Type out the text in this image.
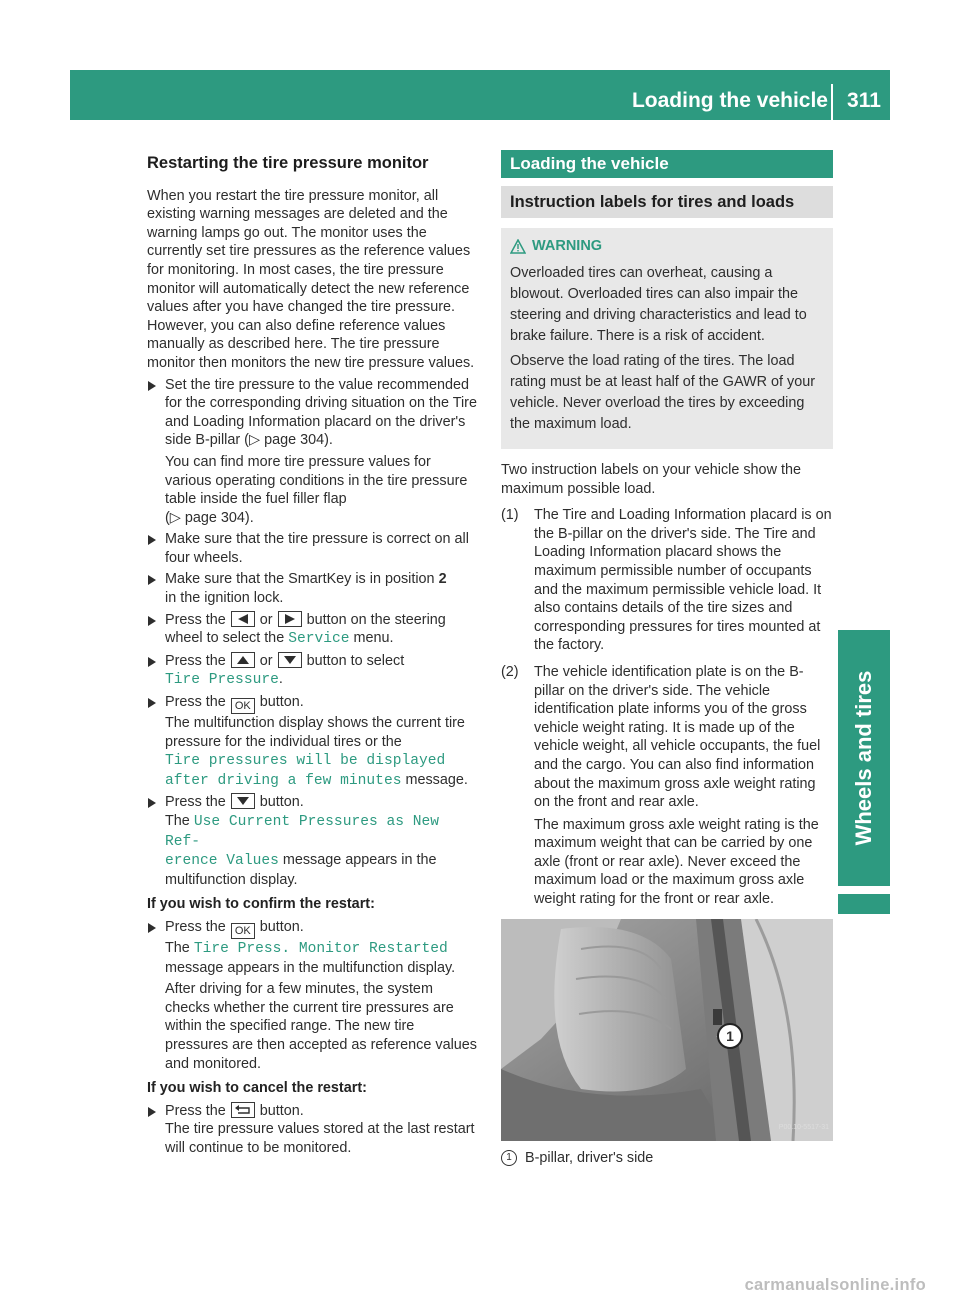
Loading the vehicle 311
Wheels and tires
Restarting the tire pressure monitor

When you restart the tire pressure monitor, all existing warning messages are deleted and the warning lamps go out. The monitor uses the currently set tire pressures as the reference values for monitoring. In most cases, the tire pressure monitor will automatically detect the new reference values after you have changed the tire pressure. However, you can also define reference values manually as described here. The tire pressure monitor then monitors the new tire pressure values.

Set the tire pressure to the value recommended for the corresponding driving situation on the Tire and Loading Information placard on the driver's side B-pillar (▷ page 304).
You can find more tire pressure values for various operating conditions in the tire pressure table inside the fuel filler flap
(▷ page 304).
Make sure that the tire pressure is correct on all four wheels.
Make sure that the SmartKey is in position 2
in the ignition lock.
Press the or button on the steering wheel to select the Service menu.
Press the or button to select
Tire Pressure.
Press the OK button.
The multifunction display shows the current tire pressure for the individual tires or the
Tire pressures will be displayed
after driving a few minutes message.
Press the button.
The Use Current Pressures as New Ref‐
erence Values message appears in the multifunction display.

If you wish to confirm the restart:

Press the OK button.
The Tire Press. Monitor Restarted message appears in the multifunction display.
After driving for a few minutes, the system checks whether the current tire pressures are within the specified range. The new tire pressures are then accepted as reference values and monitored.

If you wish to cancel the restart:

Press the button.
The tire pressure values stored at the last restart will continue to be monitored.
Loading the vehicle
Instruction labels for tires and loads
WARNING

Overloaded tires can overheat, causing a blowout. Overloaded tires can also impair the steering and driving characteristics and lead to brake failure. There is a risk of accident.

Observe the load rating of the tires. The load rating must be at least half of the GAWR of your vehicle. Never overload the tires by exceeding the maximum load.

Two instruction labels on your vehicle show the maximum possible load.

(1) The Tire and Loading Information placard is on the B-pillar on the driver's side. The Tire and Loading Information placard shows the maximum permissible number of occupants and the maximum permissible vehicle load. It also contains details of the tire sizes and corresponding pressures for tires mounted at the factory.

(2) The vehicle identification plate is on the B-pillar on the driver's side. The vehicle identification plate informs you of the gross vehicle weight rating. It is made up of the vehicle weight, all vehicle occupants, the fuel and the cargo. You can also find information about the maximum gross axle weight rating on the front and rear axle.

The maximum gross axle weight rating is the maximum weight that can be carried by one axle (front or rear axle). Never exceed the maximum load or the maximum gross axle weight rating for the front or rear axle.

1
P00.10-5517-31
1 B-pillar, driver's side
carmanualsonline.info
